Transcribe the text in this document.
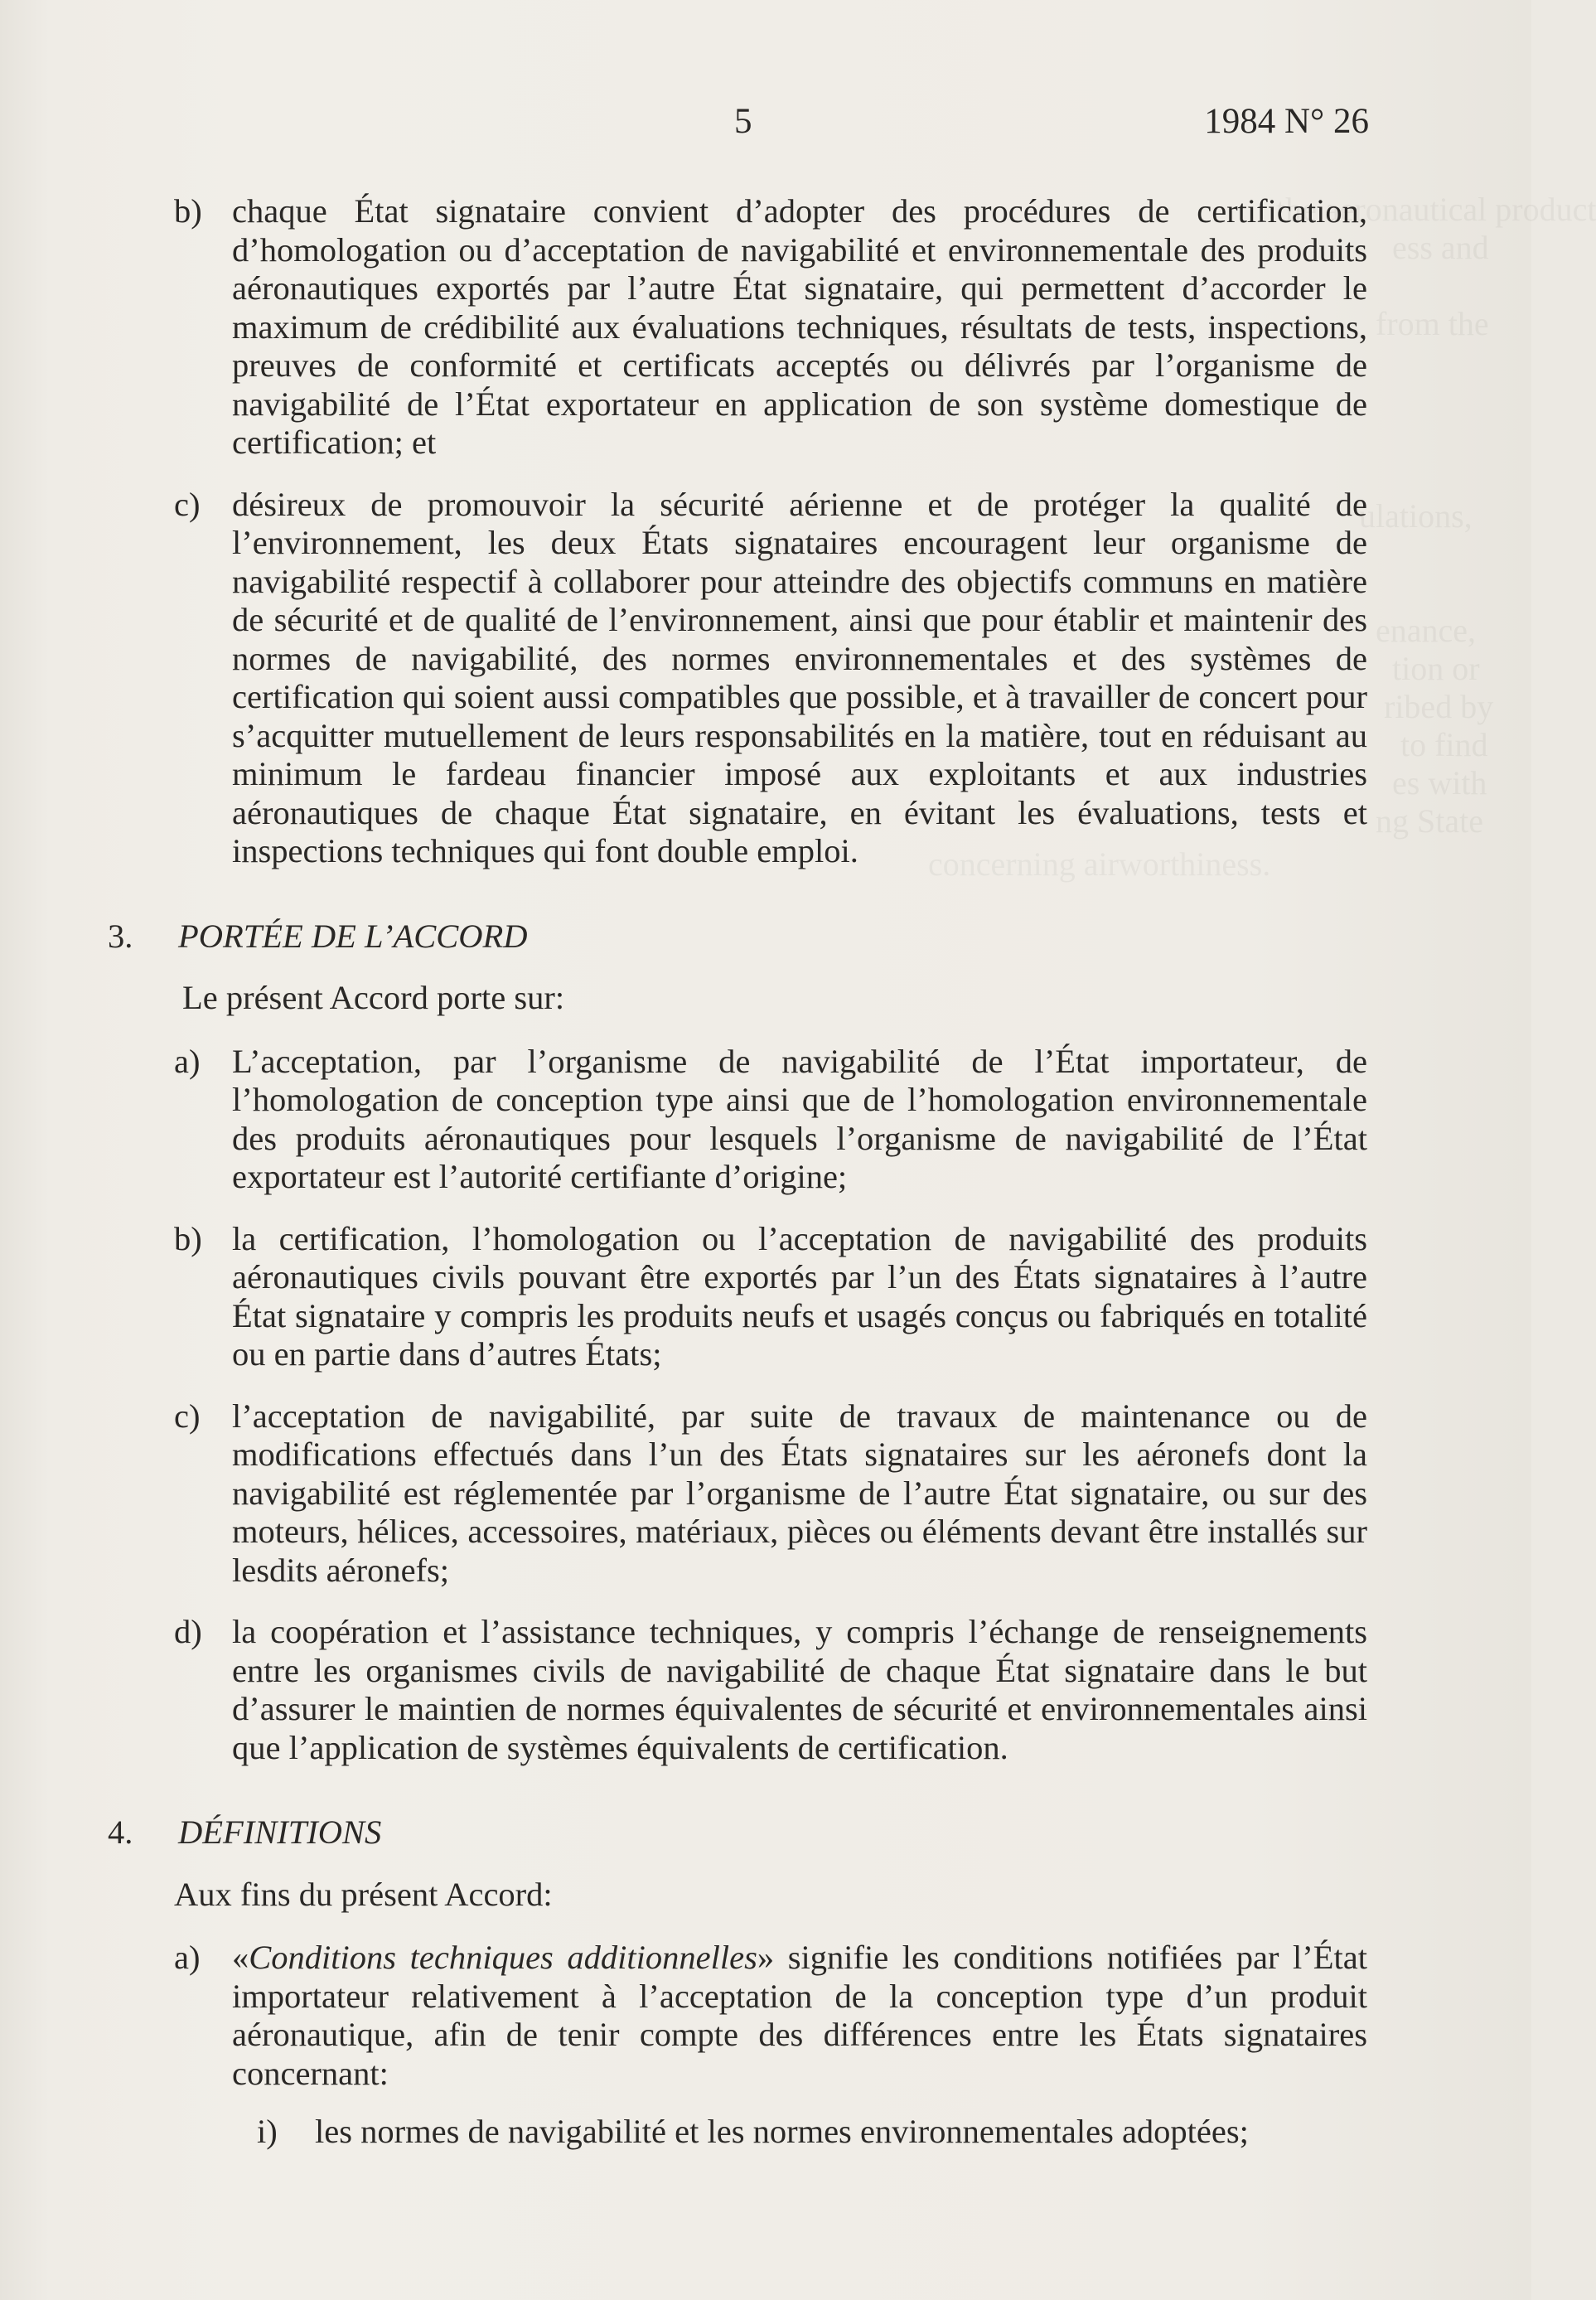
the aeronautical product
ess and
from the
ulations,
enance,
tion or
ribed by
to find
es with
ng State
concerning airworthiness.
5	1984 N° 26
b) chaque État signataire convient d’adopter des procédures de certification, d’homologation ou d’acceptation de navigabilité et environnementale des produits aéronautiques exportés par l’autre État signataire, qui permettent d’accorder le maximum de crédibilité aux évaluations techniques, résultats de tests, inspections, preuves de conformité et certificats acceptés ou délivrés par l’organisme de navigabilité de l’État exportateur en application de son système domestique de certification; et
c) désireux de promouvoir la sécurité aérienne et de protéger la qualité de l’environnement, les deux États signataires encouragent leur organisme de navigabilité respectif à collaborer pour atteindre des objectifs communs en matière de sécurité et de qualité de l’environnement, ainsi que pour établir et maintenir des normes de navigabilité, des normes environnementales et des systèmes de certification qui soient aussi compatibles que possible, et à travailler de concert pour s’acquitter mutuellement de leurs responsabilités en la matière, tout en réduisant au minimum le fardeau financier imposé aux exploitants et aux industries aéronautiques de chaque État signataire, en évitant les évaluations, tests et inspections techniques qui font double emploi.
3. PORTÉE DE L’ACCORD
Le présent Accord porte sur:
a) L’acceptation, par l’organisme de navigabilité de l’État importateur, de l’homologation de conception type ainsi que de l’homologation environnementale des produits aéronautiques pour lesquels l’organisme de navigabilité de l’État exportateur est l’autorité certifiante d’origine;
b) la certification, l’homologation ou l’acceptation de navigabilité des produits aéronautiques civils pouvant être exportés par l’un des États signataires à l’autre État signataire y compris les produits neufs et usagés conçus ou fabriqués en totalité ou en partie dans d’autres États;
c) l’acceptation de navigabilité, par suite de travaux de maintenance ou de modifications effectués dans l’un des États signataires sur les aéronefs dont la navigabilité est réglementée par l’organisme de l’autre État signataire, ou sur des moteurs, hélices, accessoires, matériaux, pièces ou éléments devant être installés sur lesdits aéronefs;
d) la coopération et l’assistance techniques, y compris l’échange de renseignements entre les organismes civils de navigabilité de chaque État signataire dans le but d’assurer le maintien de normes équivalentes de sécurité et environnementales ainsi que l’application de systèmes équivalents de certification.
4. DÉFINITIONS
Aux fins du présent Accord:
a) «Conditions techniques additionnelles» signifie les conditions notifiées par l’État importateur relativement à l’acceptation de la conception type d’un produit aéronautique, afin de tenir compte des différences entre les États signataires concernant:
i) les normes de navigabilité et les normes environnementales adoptées;
